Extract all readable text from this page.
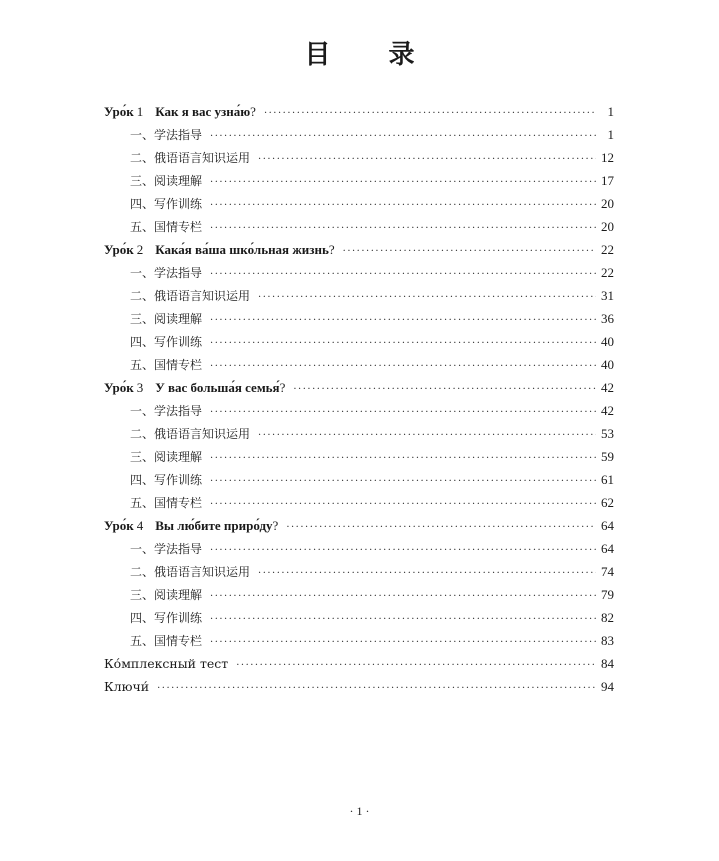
目 录
Уро́к 1 Как я вас узна́ю? ·····	1
一、学法指导 ·····	1
二、俄语语言知识运用 ·····	12
三、阅读理解 ·····	17
四、写作训练 ·····	20
五、国情专栏 ·····	20
Уро́к 2 Кака́я ва́ша шко́льная жизнь? ·····	22
一、学法指导 ·····	22
二、俄语语言知识运用 ·····	31
三、阅读理解 ·····	36
四、写作训练 ·····	40
五、国情专栏 ·····	40
Уро́к 3 У вас больша́я семья́? ·····	42
一、学法指导 ·····	42
二、俄语语言知识运用 ·····	53
三、阅读理解 ·····	59
四、写作训练 ·····	61
五、国情专栏 ·····	62
Уро́к 4 Вы лю́бите приро́ду? ·····	64
一、学法指导 ·····	64
二、俄语语言知识运用 ·····	74
三、阅读理解 ·····	79
四、写作训练 ·····	82
五、国情专栏 ·····	83
Ко́мплексный тест ·····	84
Ключи́ ·····	94
· 1 ·
